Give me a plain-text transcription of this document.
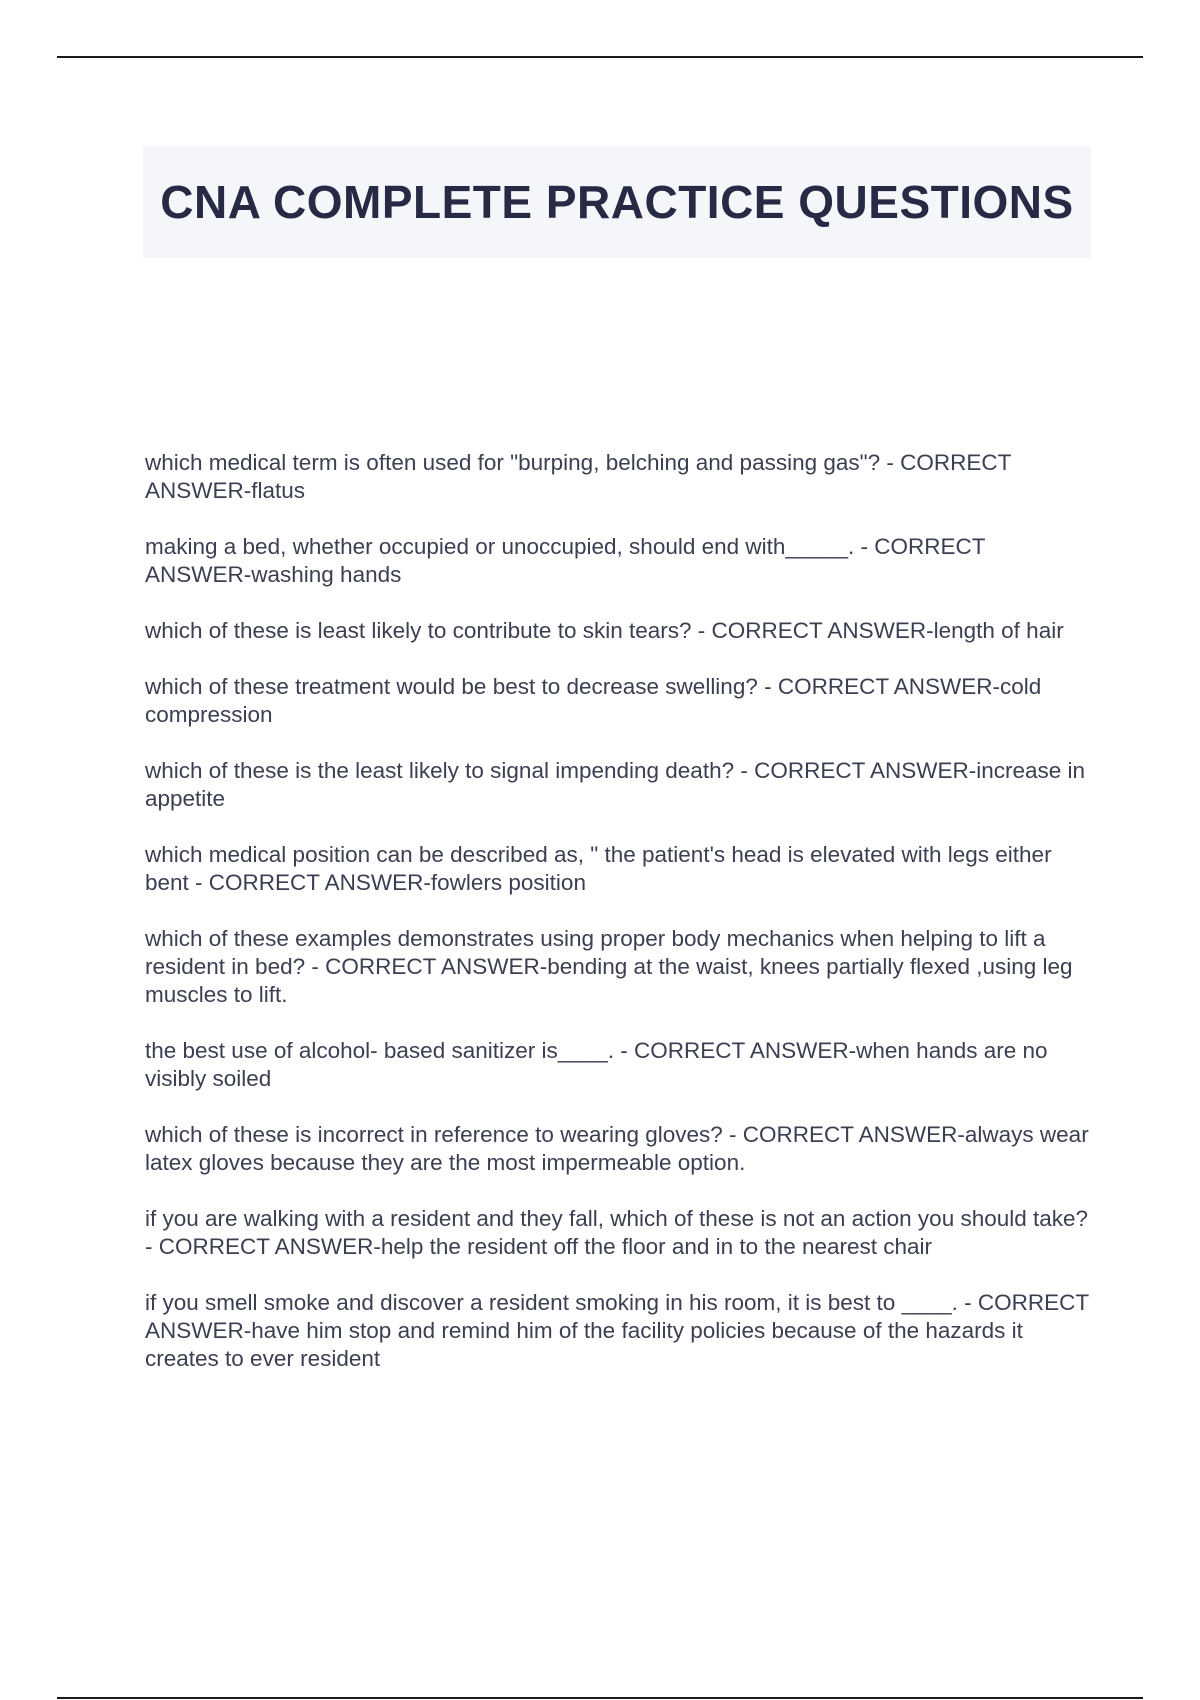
CNA COMPLETE PRACTICE QUESTIONS
which medical term is often used for "burping, belching and passing gas"? - CORRECT ANSWER-flatus
making a bed, whether occupied or unoccupied, should end with_____. - CORRECT ANSWER-washing hands
which of these is least likely to contribute to skin tears? - CORRECT ANSWER-length of hair
which of these treatment would be best to decrease swelling? - CORRECT ANSWER-cold compression
which of these is the least likely to signal impending death? - CORRECT ANSWER-increase in appetite
which medical position can be described as, " the patient's head is elevated with legs either bent - CORRECT ANSWER-fowlers position
which of these examples demonstrates using proper body mechanics when helping to lift a resident in bed? - CORRECT ANSWER-bending at the waist, knees partially flexed ,using leg muscles to lift.
the best use of alcohol- based sanitizer is____. - CORRECT ANSWER-when hands are no visibly soiled
which of these is incorrect in reference to wearing gloves? - CORRECT ANSWER-always wear latex gloves because they are the most impermeable option.
if you are walking with a resident and they fall, which of these is not an action you should take? - CORRECT ANSWER-help the resident off the floor and in to the nearest chair
if you smell smoke and discover a resident smoking in his room, it is best to ____. - CORRECT ANSWER-have him stop and remind him of the facility policies because of the hazards it creates to ever resident
